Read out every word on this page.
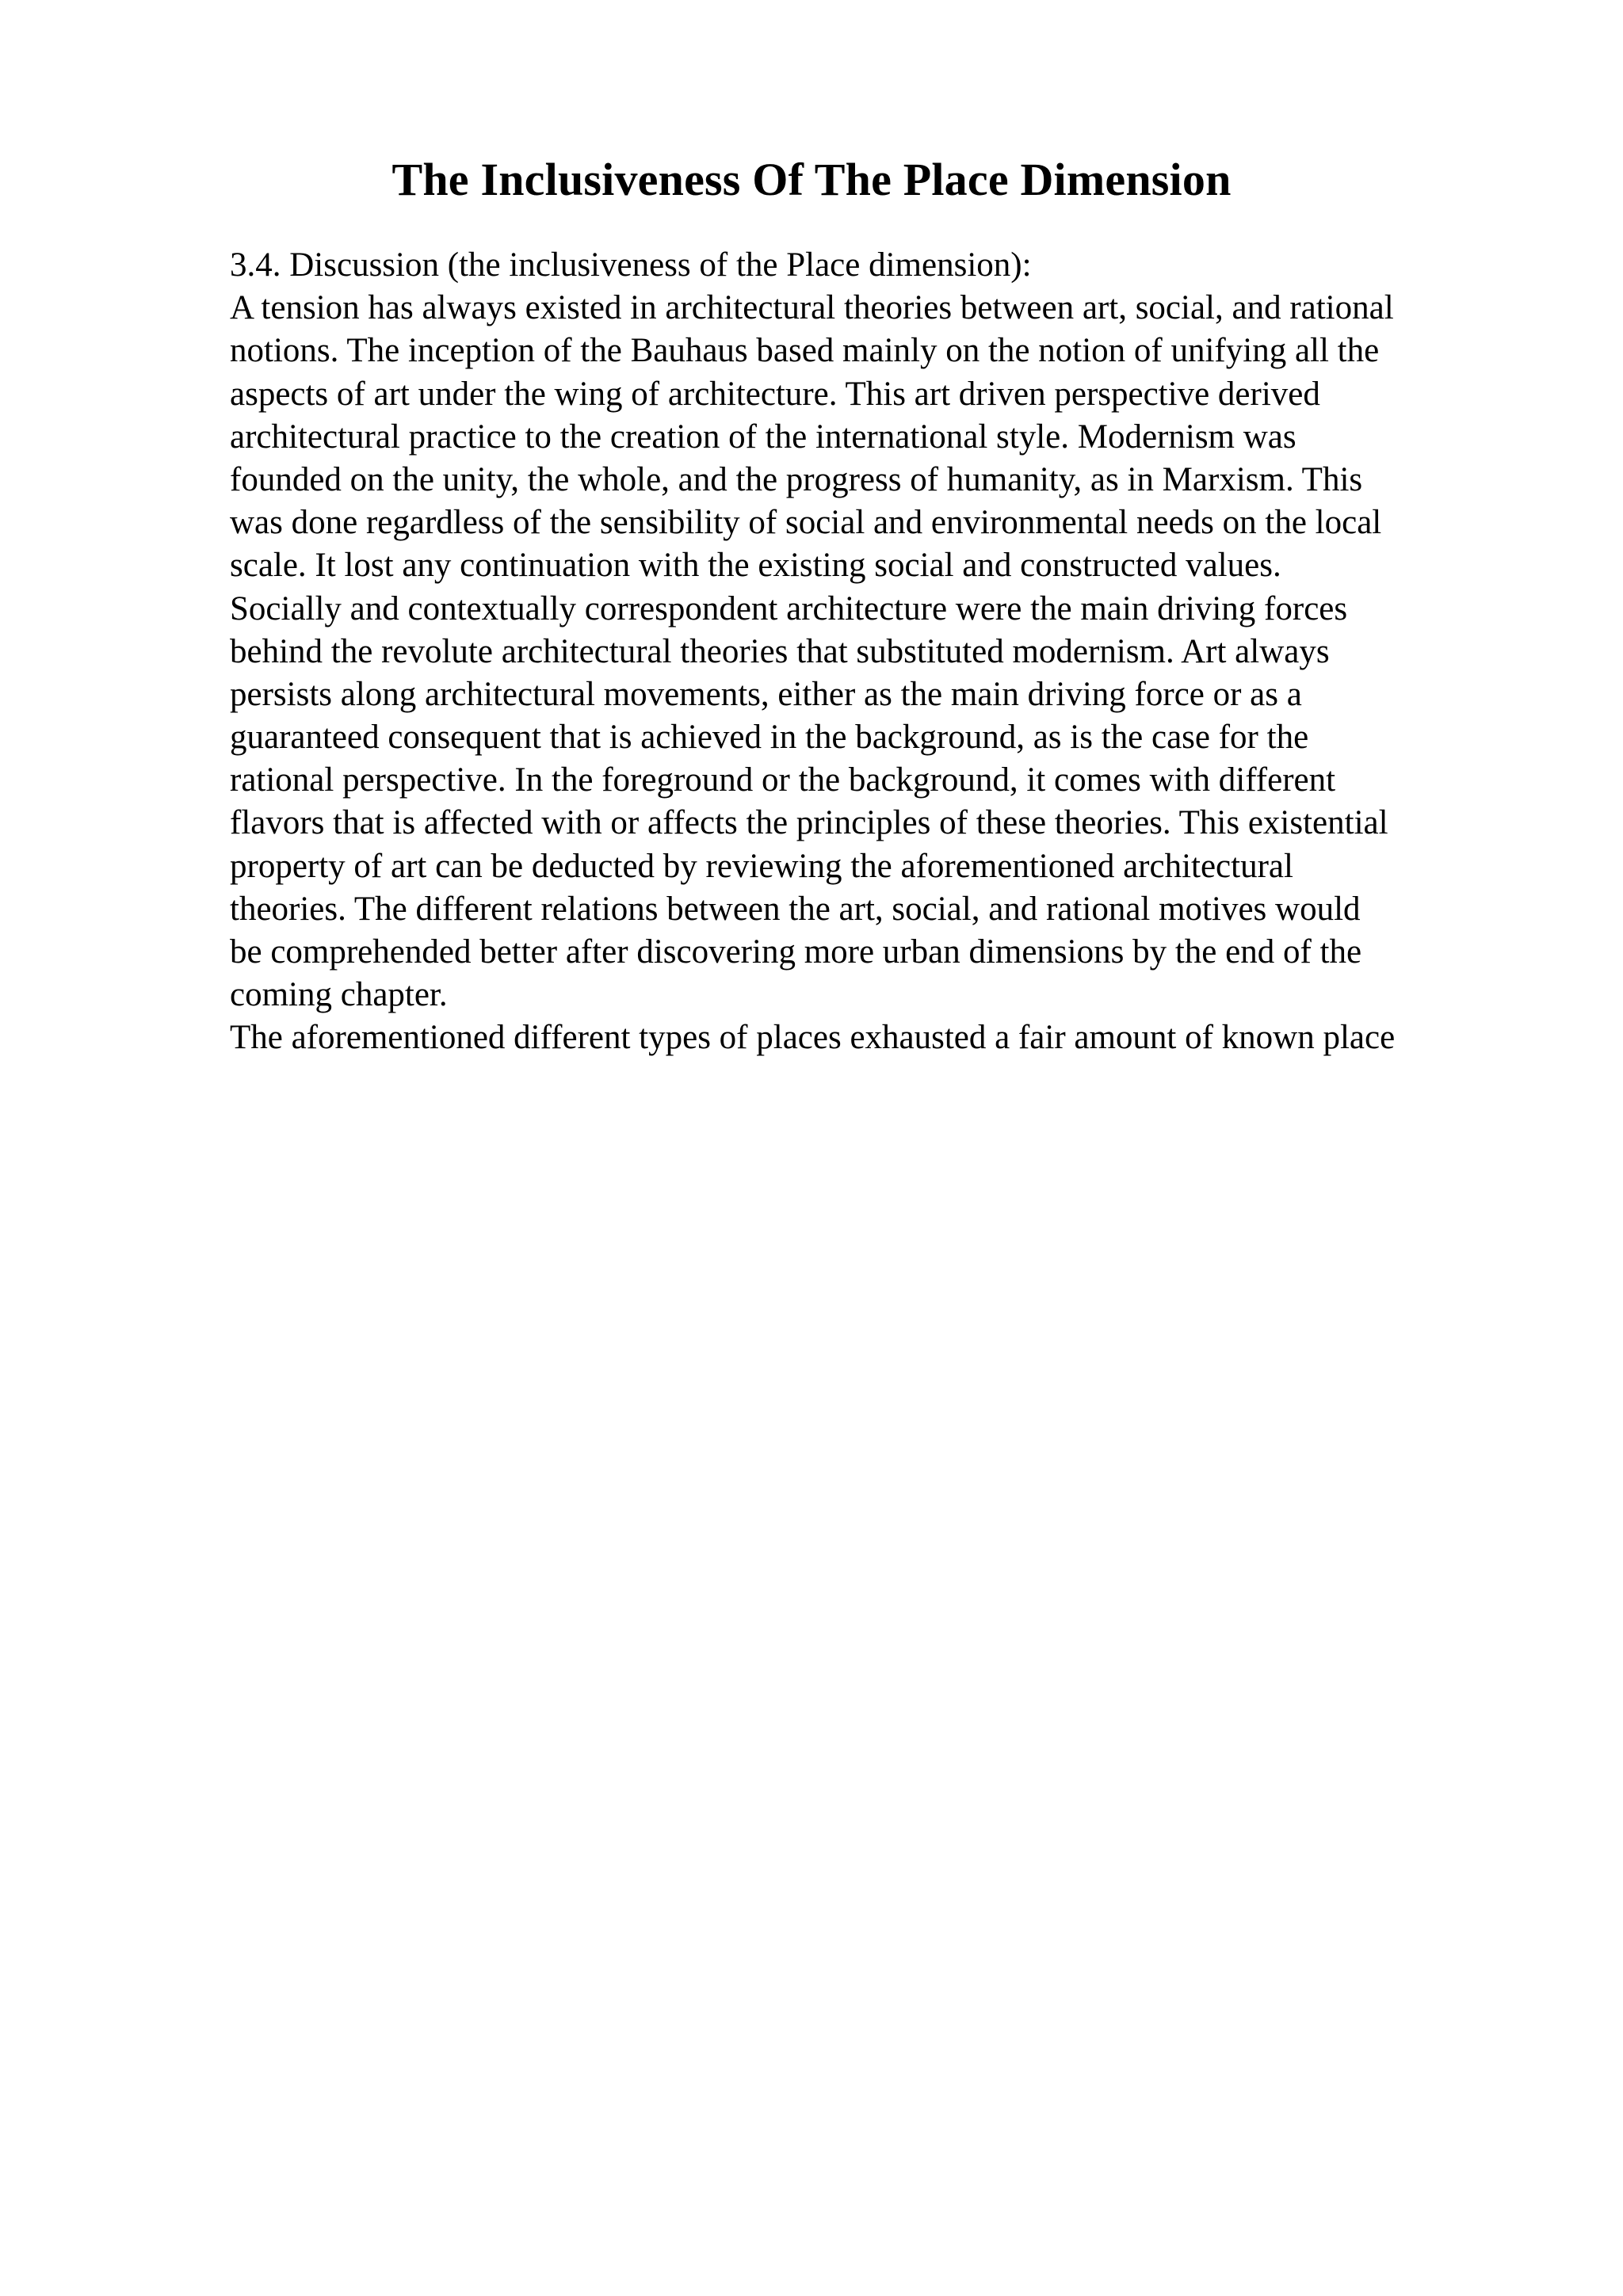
The Inclusiveness Of The Place Dimension
3.4. Discussion (the inclusiveness of the Place dimension):
A tension has always existed in architectural theories between art, social, and rational
notions. The inception of the Bauhaus based mainly on the notion of unifying all the
aspects of art under the wing of architecture. This art driven perspective derived
architectural practice to the creation of the international style. Modernism was
founded on the unity, the whole, and the progress of humanity, as in Marxism. This
was done regardless of the sensibility of social and environmental needs on the local
scale. It lost any continuation with the existing social and constructed values.
Socially and contextually correspondent architecture were the main driving forces
behind the revolute architectural theories that substituted modernism. Art always
persists along architectural movements, either as the main driving force or as a
guaranteed consequent that is achieved in the background, as is the case for the
rational perspective. In the foreground or the background, it comes with different
flavors that is affected with or affects the principles of these theories. This existential
property of art can be deducted by reviewing the aforementioned architectural
theories. The different relations between the art, social, and rational motives would
be comprehended better after discovering more urban dimensions by the end of the
coming chapter.
The aforementioned different types of places exhausted a fair amount of known place
